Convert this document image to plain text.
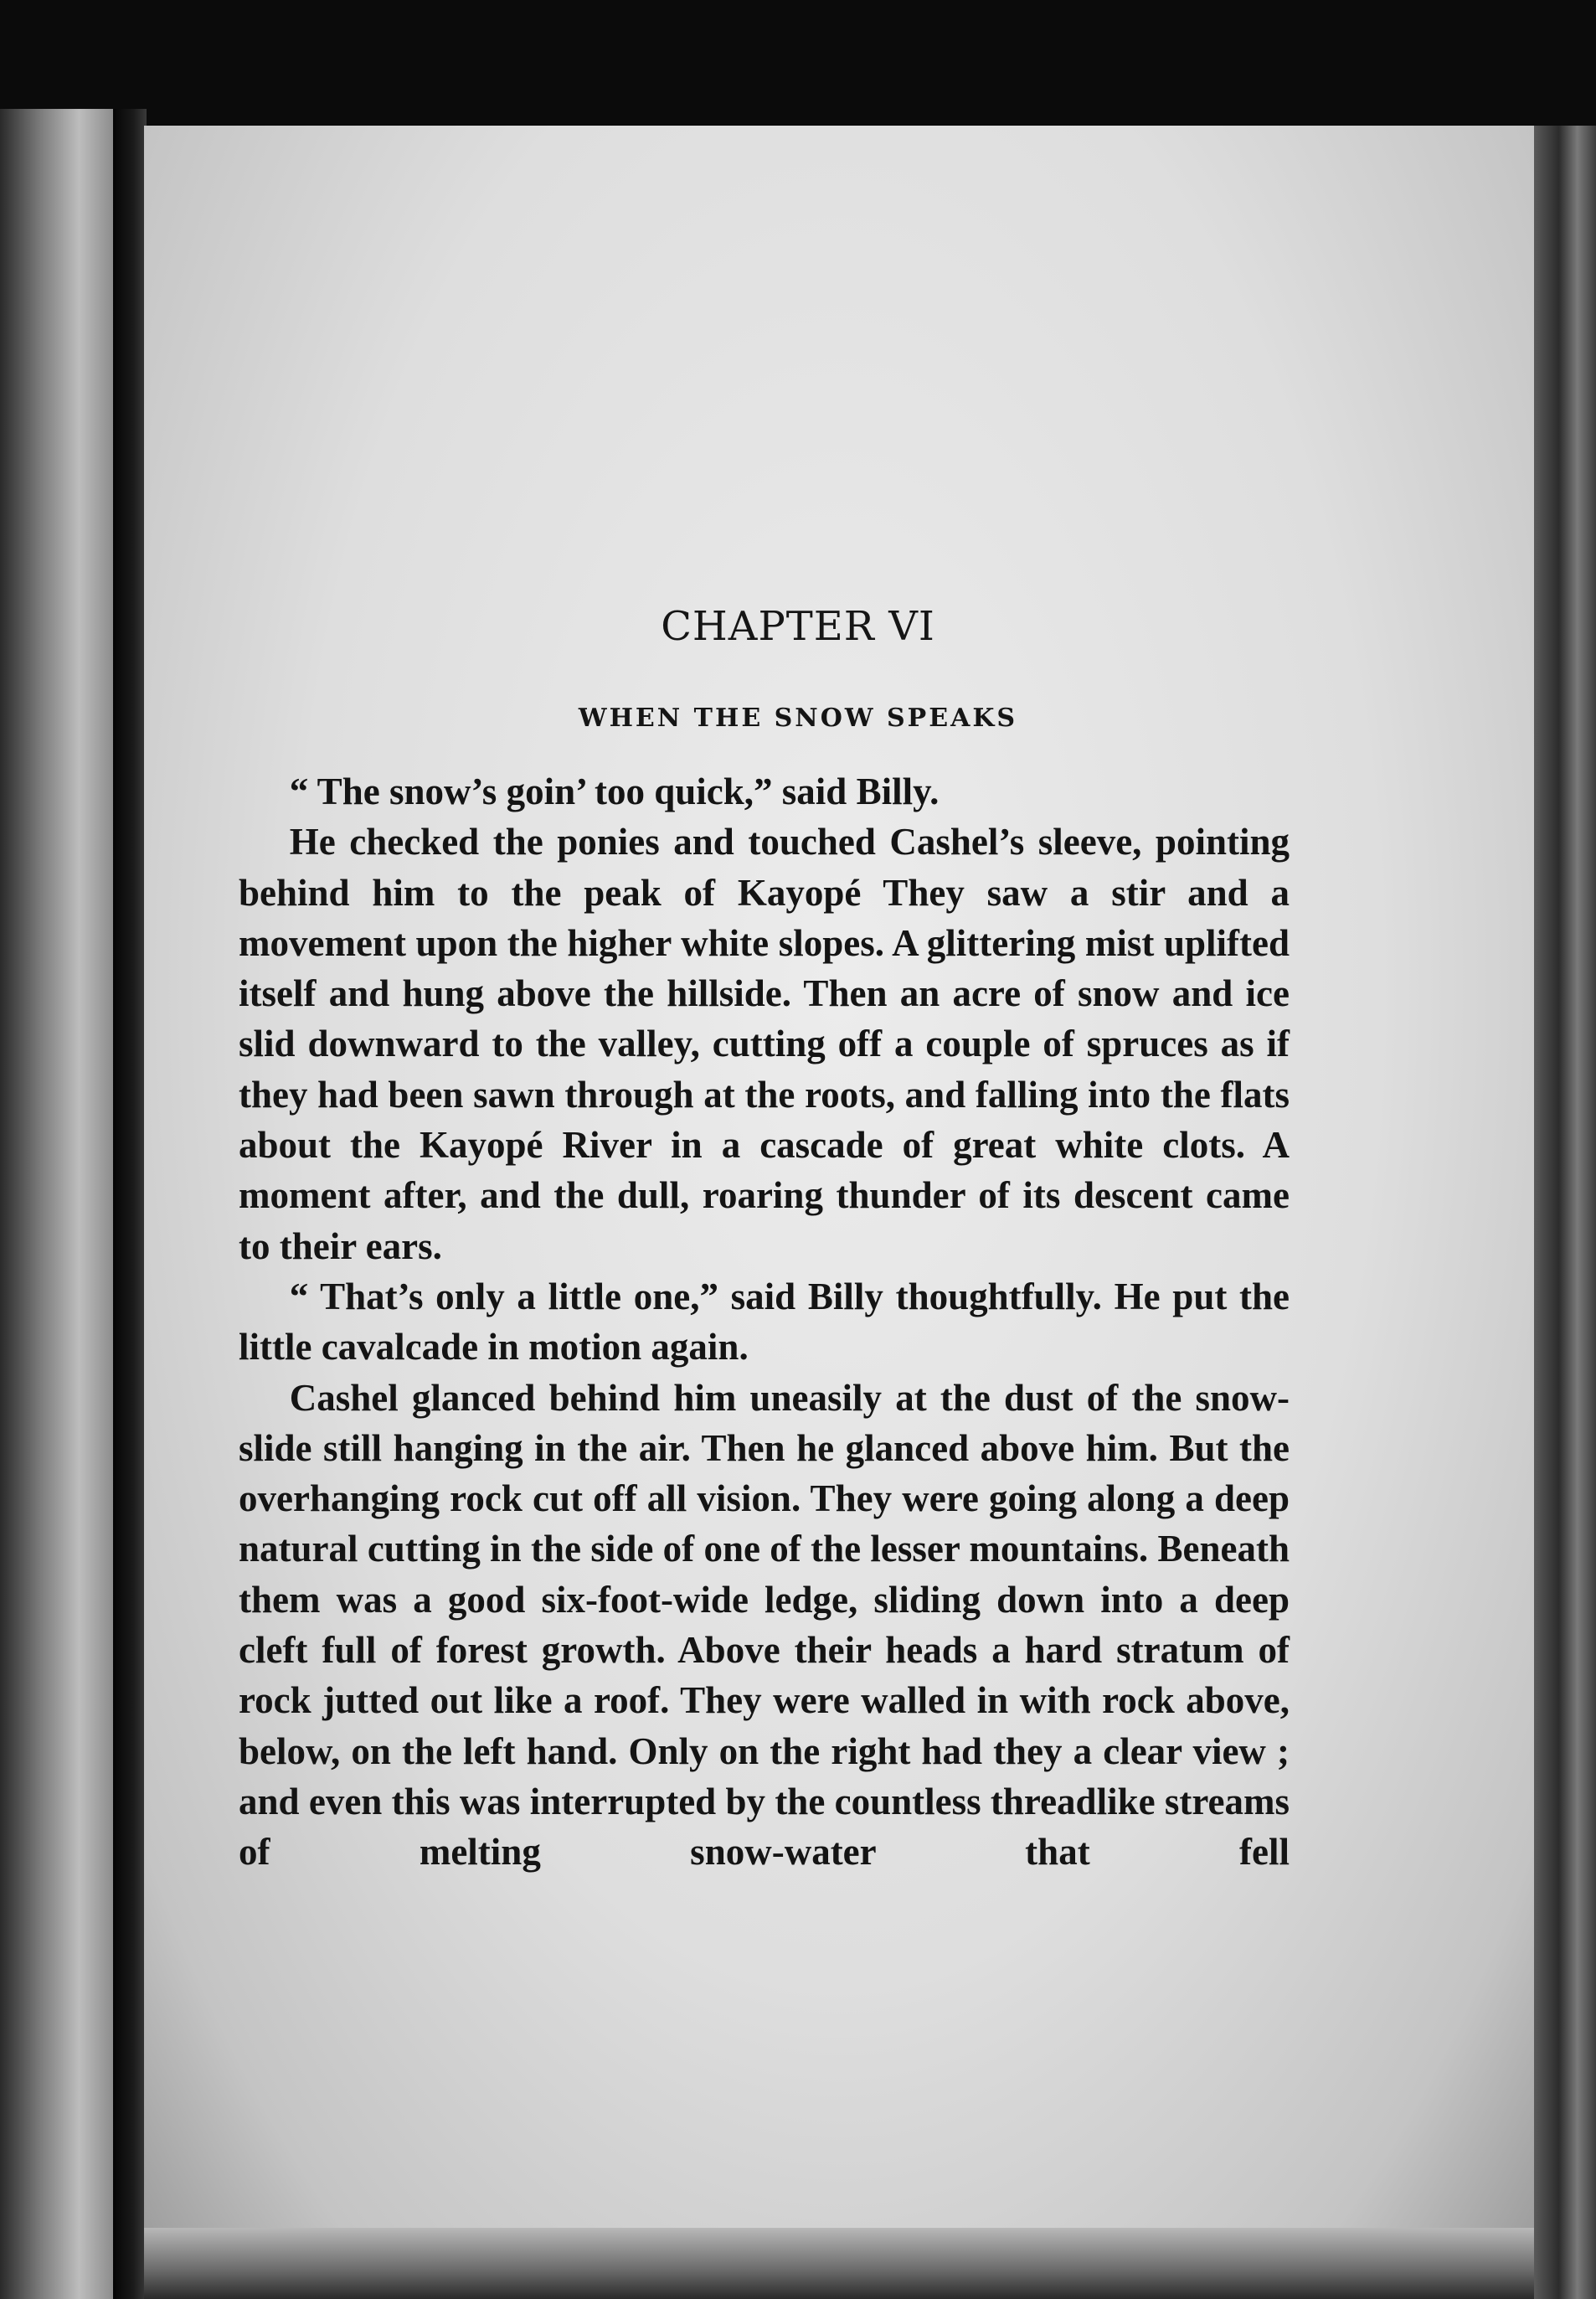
CHAPTER VI
WHEN THE SNOW SPEAKS

“ The snow’s goin’ too quick,” said Billy.

He checked the ponies and touched Cashel’s sleeve, pointing behind him to the peak of Kayopé They saw a stir and a movement upon the higher white slopes. A glittering mist uplifted itself and hung above the hillside. Then an acre of snow and ice slid downward to the valley, cutting off a couple of spruces as if they had been sawn through at the roots, and falling into the flats about the Kayopé River in a cascade of great white clots. A moment after, and the dull, roaring thunder of its descent came to their ears.

“ That’s only a little one,” said Billy thoughtfully. He put the little cavalcade in motion again.

Cashel glanced behind him uneasily at the dust of the snow-slide still hanging in the air. Then he glanced above him. But the overhanging rock cut off all vision. They were going along a deep natural cutting in the side of one of the lesser mountains. Beneath them was a good six-foot-wide ledge, sliding down into a deep cleft full of forest growth. Above their heads a hard stratum of rock jutted out like a roof. They were walled in with rock above, below, on the left hand. Only on the right had they a clear view ; and even this was interrupted by the countless threadlike streams of melting snow-water that fell
